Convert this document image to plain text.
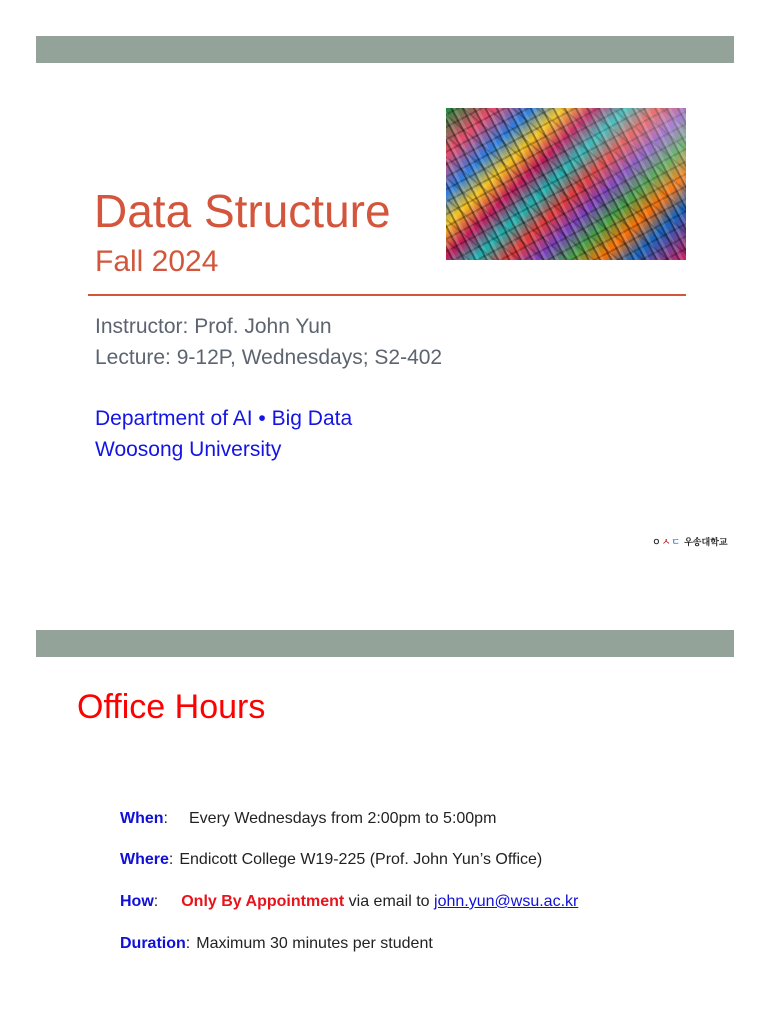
Data Structure
Fall 2024
Instructor: Prof. John Yun
Lecture: 9-12P, Wednesdays; S2-402
Department of AI • Big Data
Woosong University
ㅇ ㅅ ㄷ 우송대학교
Office Hours
When: Every Wednesdays from 2:00pm to 5:00pm
Where: Endicott College W19-225 (Prof. John Yun’s Office)
How: Only By Appointment via email to john.yun@wsu.ac.kr
Duration: Maximum 30 minutes per student
